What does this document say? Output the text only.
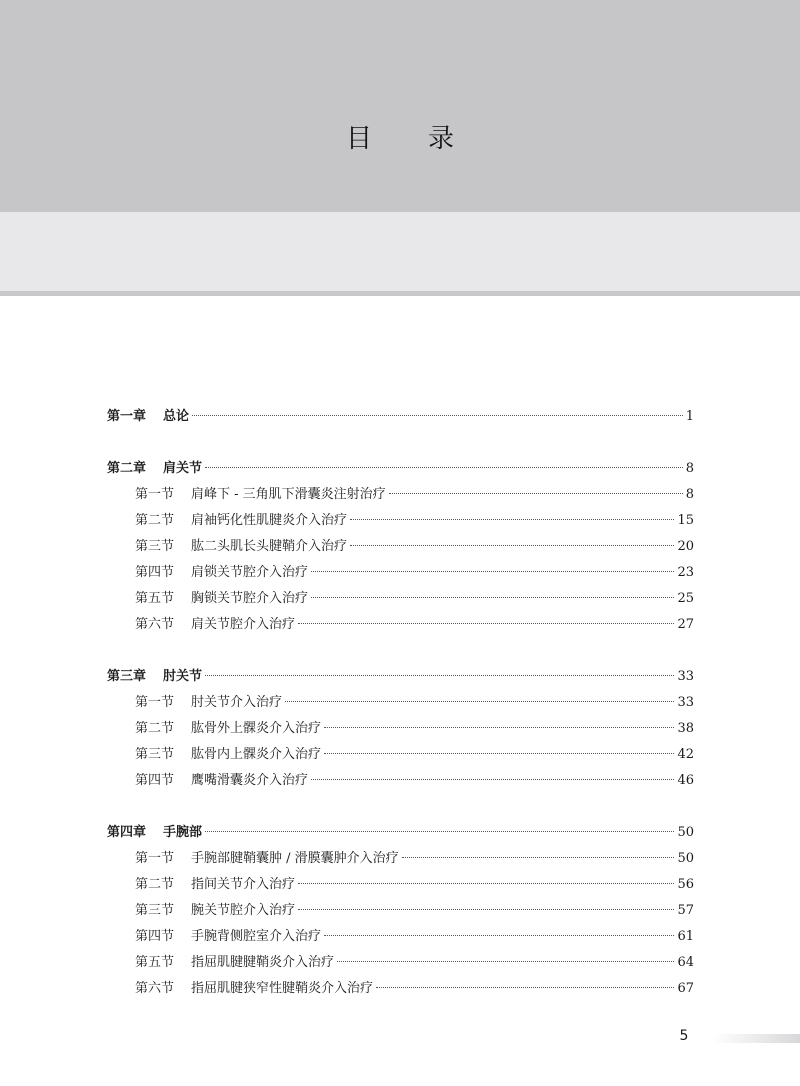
目录
第一章	总论	1
第二章	肩关节	8
第一节	肩峰下 - 三角肌下滑囊炎注射治疗	8
第二节	肩袖钙化性肌腱炎介入治疗	15
第三节	肱二头肌长头腱鞘介入治疗	20
第四节	肩锁关节腔介入治疗	23
第五节	胸锁关节腔介入治疗	25
第六节	肩关节腔介入治疗	27
第三章	肘关节	33
第一节	肘关节介入治疗	33
第二节	肱骨外上髁炎介入治疗	38
第三节	肱骨内上髁炎介入治疗	42
第四节	鹰嘴滑囊炎介入治疗	46
第四章	手腕部	50
第一节	手腕部腱鞘囊肿 / 滑膜囊肿介入治疗	50
第二节	指间关节介入治疗	56
第三节	腕关节腔介入治疗	57
第四节	手腕背侧腔室介入治疗	61
第五节	指屈肌腱腱鞘炎介入治疗	64
第六节	指屈肌腱狭窄性腱鞘炎介入治疗	67
5
